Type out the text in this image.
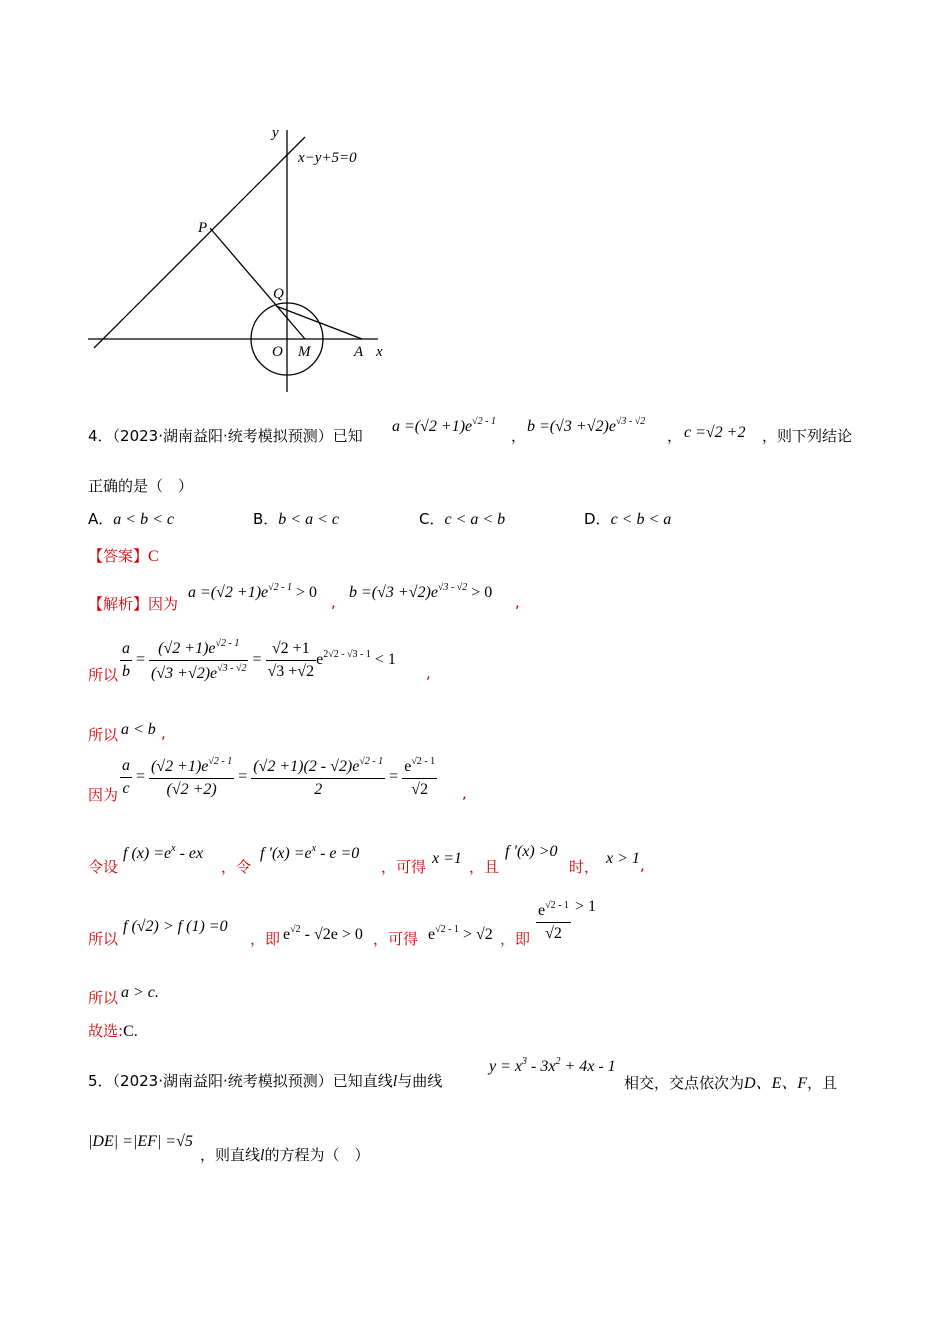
y
x−y+5=0
P
Q
O M	A x
4．（2023·湖南益阳·统考模拟预测）已知
$a =(√2 +1)e^{√2 - 1}$
，
$b =(√3 +√2)e^{√3 - √2}$
， c =√2 +2 ，则下列结论
正确的是（　）
A．a < b < c	B．b < a < c	C．c < a < b	D．c < b < a
【答案】C
【解析】因为
$a =(√2 +1)e^{√2 - 1} > 0$
,
$b =(√3 +√2)e^{√3 - √2} > 0$
,
所以 $\frac{a}{b} = \frac{(√2 +1)e^{√2 - 1}}{(√3 +√2)e^{√3 - √2}} = \frac{√2 +1}{√3 +√2} e^{2√2 - √3 - 1} < 1$
,
所以 a < b ,
因为 $\frac{a}{c} = \frac{(√2 +1)e^{√2 - 1}}{(√2 +2)} = \frac{(√2 +1)(2 - √2)e^{√2 - 1}}{2} = \frac{e^{√2 - 1}}{√2}$ ,
令设
f $(x) =e^x$ - ex
，令
f $'(x) =e^x - e =0$
，可得 x =1 ，且
f ′(x) >0
时， x > 1 ,
所以
f (√2) > f (1) =0
，即 $e^{√2} - √2e > 0$ ，可得 $e^{√2 - 1} > √2$ ，即 $\frac{e^{√2 - 1}}{√2} > 1$
所以 a > c.
故选:C.
5．（2023·湖南益阳·统考模拟预测）已知直线l与曲线
$y = x^3 - 3x^2 + 4x - 1$
相交，交点依次为D、E、F，且
|DE| =|EF| =√5
，则直线l的方程为（　）
